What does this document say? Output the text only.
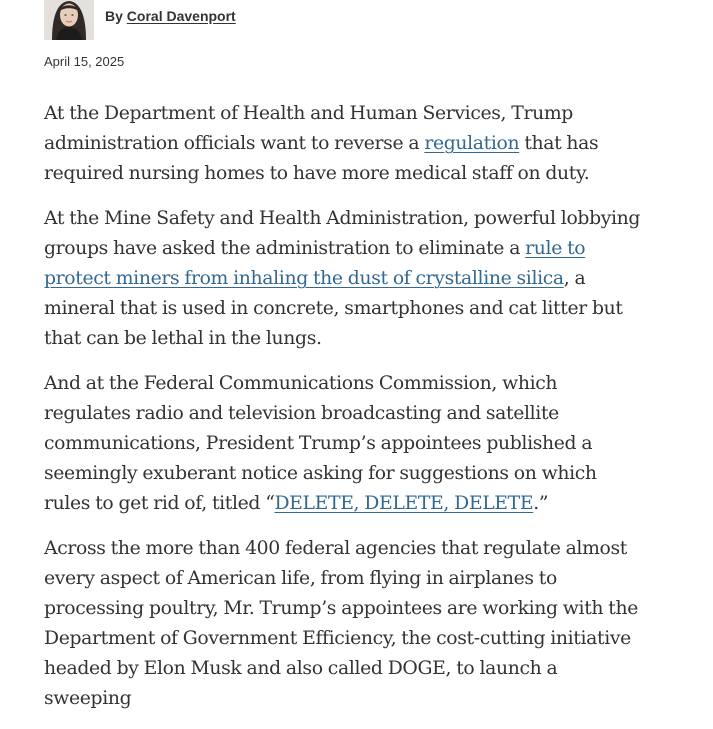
By Coral Davenport
April 15, 2025

At the Department of Health and Human Services, Trump administration officials want to reverse a regulation that has required nursing homes to have more medical staff on duty.

At the Mine Safety and Health Administration, powerful lobbying groups have asked the administration to eliminate a rule to protect miners from inhaling the dust of crystalline silica, a mineral that is used in concrete, smartphones and cat litter but that can be lethal in the lungs.

And at the Federal Communications Commission, which regulates radio and television broadcasting and satellite communications, President Trump’s appointees published a seemingly exuberant notice asking for suggestions on which rules to get rid of, titled “DELETE, DELETE, DELETE.”

Across the more than 400 federal agencies that regulate almost every aspect of American life, from flying in airplanes to processing poultry, Mr. Trump’s appointees are working with the Department of Government Efficiency, the cost-cutting initiative headed by Elon Musk and also called DOGE, to launch a sweeping
